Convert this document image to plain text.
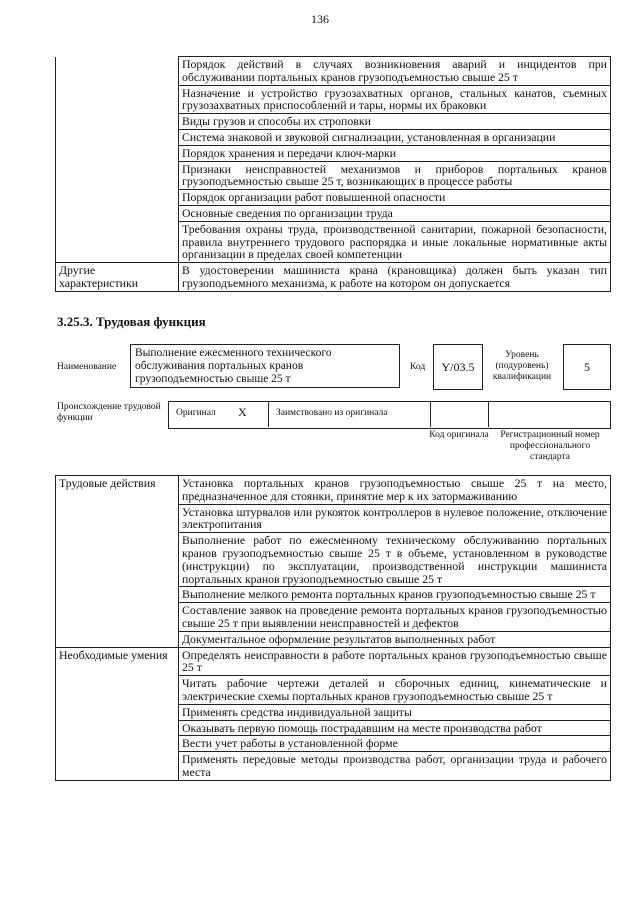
136
	Порядок действий в случаях возникновения аварий и инцидентов при обслуживании портальных кранов грузоподъемностью свыше 25 т
	Назначение и устройство грузозахватных органов, стальных канатов, съемных грузозахватных приспособлений и тары, нормы их браковки
	Виды грузов и способы их строповки
	Система знаковой и звуковой сигнализации, установленная в организации
	Порядок хранения и передачи ключ-марки
	Признаки неисправностей механизмов и приборов портальных кранов грузоподъемностью свыше 25 т, возникающих в процессе работы
	Порядок организации работ повышенной опасности
	Основные сведения по организации труда
	Требования охраны труда, производственной санитарии, пожарной безопасности, правила внутреннего трудового распорядка и иные локальные нормативные акты организации в пределах своей компетенции
Другие характеристики	В удостоверении машиниста крана (крановщика) должен быть указан тип грузоподъемного механизма, к работе на котором он допускается
3.25.3. Трудовая функция
Наименование
Выполнение ежесменного технического обслуживания портальных кранов грузоподъемностью свыше 25 т
Код	Y/03.5
Уровень (подуровень) квалификации
5
Происхождение трудовой функции	Оригинал X	Заимствовано из оригинала
Код оригинала Регистрационный номер профессионального стандарта
Трудовые действия	Установка портальных кранов грузоподъемностью свыше 25 т на место, предназначенное для стоянки, принятие мер к их затормаживанию
	Установка штурвалов или рукояток контроллеров в нулевое положение, отключение электропитания
	Выполнение работ по ежесменному техническому обслуживанию портальных кранов грузоподъемностью свыше 25 т в объеме, установленном в руководстве (инструкции) по эксплуатации, производственной инструкции машиниста портальных кранов грузоподъемностью свыше 25 т
	Выполнение мелкого ремонта портальных кранов грузоподъемностью свыше 25 т
	Составление заявок на проведение ремонта портальных кранов грузоподъемностью свыше 25 т при выявлении неисправностей и дефектов
	Документальное оформление результатов выполненных работ
Необходимые умения	Определять неисправности в работе портальных кранов грузоподъемностью свыше 25 т
	Читать рабочие чертежи деталей и сборочных единиц, кинематические и электрические схемы портальных кранов грузоподъемностью свыше 25 т
	Применять средства индивидуальной защиты
	Оказывать первую помощь пострадавшим на месте производства работ
	Вести учет работы в установленной форме
	Применять передовые методы производства работ, организации труда и рабочего места
